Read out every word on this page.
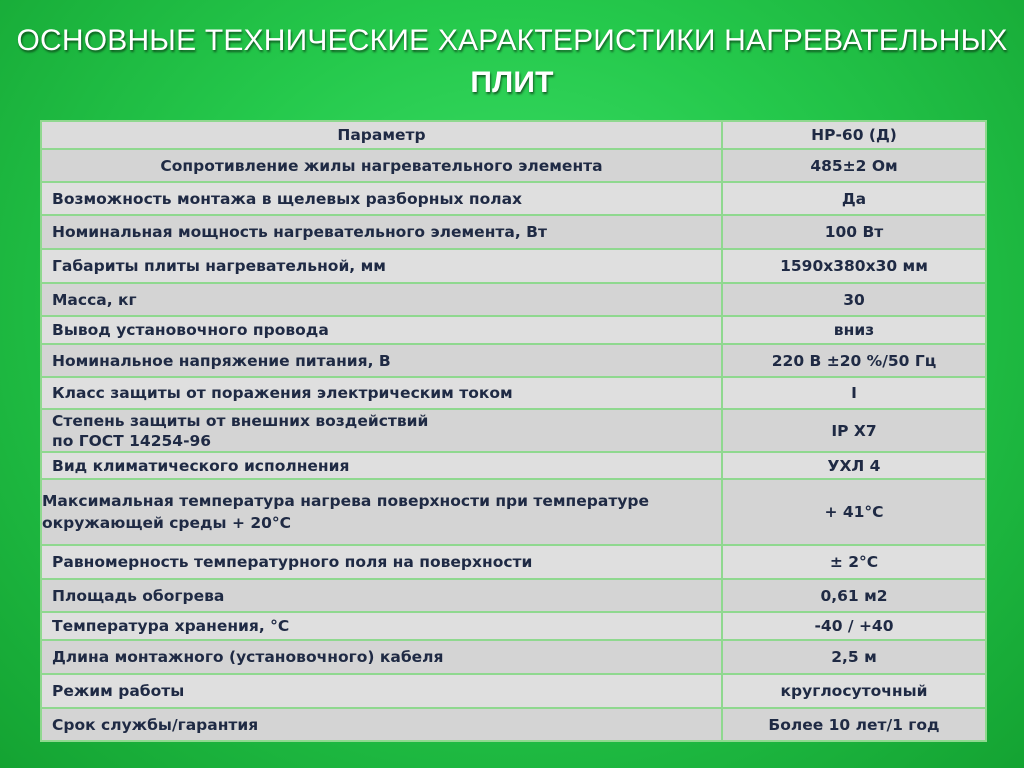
ОСНОВНЫЕ ТЕХНИЧЕСКИЕ ХАРАКТЕРИСТИКИ НАГРЕВАТЕЛЬНЫХ
ПЛИТ
Параметр	НР-60 (Д)
Сопротивление жилы нагревательного элемента	485±2 Ом
Возможность монтажа в щелевых разборных полах	Да
Номинальная мощность нагревательного элемента, Вт	100 Вт
Габариты плиты нагревательной, мм	1590х380х30 мм
Масса, кг	30
Вывод установочного провода	вниз
Номинальное напряжение питания, В	220 В ±20 %/50 Гц
Класс защиты от поражения электрическим током	I
Степень защиты от внешних воздействий
по ГОСТ 14254-96	IP X7
Вид климатического исполнения	УХЛ 4
Максимальная температура нагрева поверхности при температуре
окружающей среды + 20°С	+ 41°С
Равномерность температурного поля на поверхности	± 2°С
Площадь обогрева	0,61 м2
Температура хранения, °С	-40 / +40
Длина монтажного (установочного) кабеля	2,5 м
Режим работы	круглосуточный
Срок службы/гарантия	Более 10 лет/1 год
